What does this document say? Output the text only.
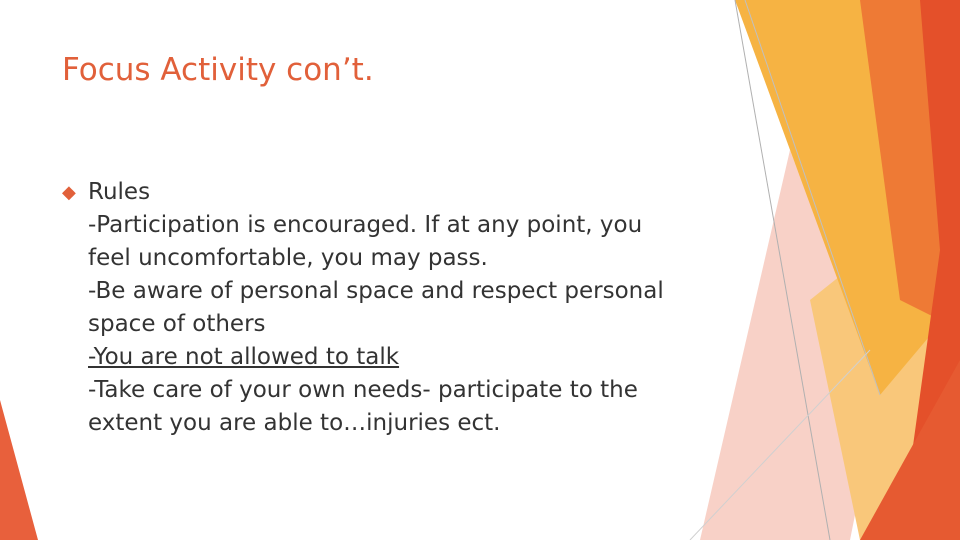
Focus Activity con’t.
◆ Rules
-Participation is encouraged. If at any point, you
feel uncomfortable, you may pass.
-Be aware of personal space and respect personal
space of others
-You are not allowed to talk
-Take care of your own needs- participate to the
extent you are able to…injuries ect.
